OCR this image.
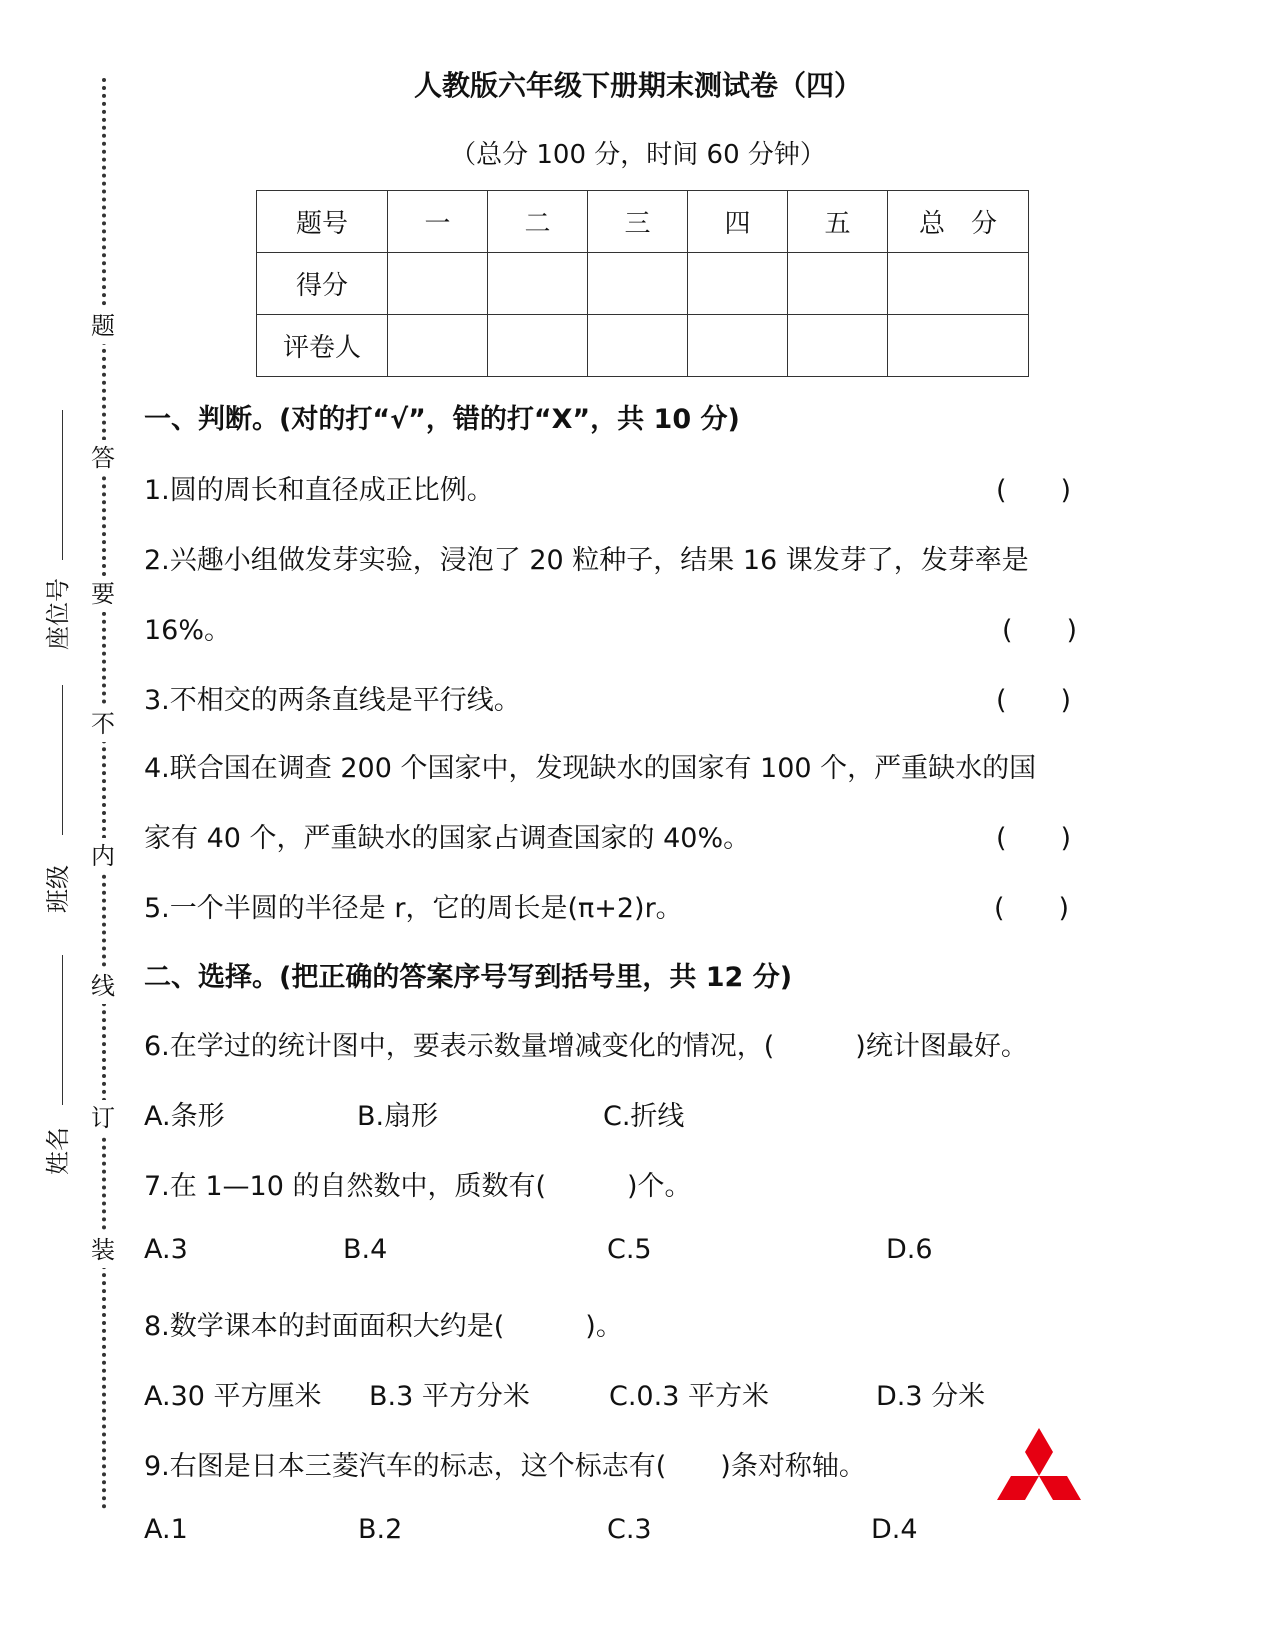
人教版六年级下册期末测试卷（四）
（总分 100 分，时间 60 分钟）
题号	一	二	三	四	五	总　分
得分						
评卷人						
题
答
要
不
内
线
订
装
座位号
班级
姓名
一、判断。(对的打“√”，错的打“X”，共 10 分)
1.圆的周长和直径成正比例。	(　　)
2.兴趣小组做发芽实验，浸泡了 20 粒种子，结果 16 课发芽了，发芽率是
16%。	(　　)
3.不相交的两条直线是平行线。	(　　)
4.联合国在调查 200 个国家中，发现缺水的国家有 100 个，严重缺水的国
家有 40 个，严重缺水的国家占调查国家的 40%。	(　　)
5.一个半圆的半径是 r，它的周长是(π+2)r。	(　　)
二、选择。(把正确的答案序号写到括号里，共 12 分)
6.在学过的统计图中，要表示数量增减变化的情况，(　　　)统计图最好。
A.条形	B.扇形	C.折线
7.在 1—10 的自然数中，质数有(　　　)个。
A.3	B.4	C.5	D.6
8.数学课本的封面面积大约是(　　　)。
A.30 平方厘米 B.3 平方分米	C.0.3 平方米	D.3 分米
9.右图是日本三菱汽车的标志，这个标志有(　　)条对称轴。
A.1	B.2	C.3	D.4
